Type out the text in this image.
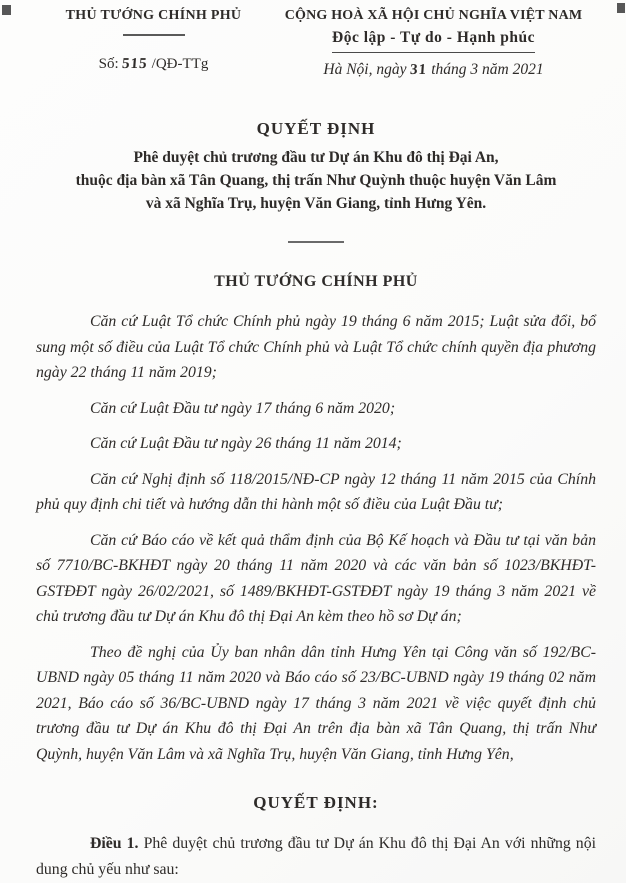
THỦ TƯỚNG CHÍNH PHỦ
Số: 515 /QĐ-TTg
CỘNG HOÀ XÃ HỘI CHỦ NGHĨA VIỆT NAM
Độc lập - Tự do - Hạnh phúc
Hà Nội, ngày 31 tháng 3 năm 2021
QUYẾT ĐỊNH
Phê duyệt chủ trương đầu tư Dự án Khu đô thị Đại An,
thuộc địa bàn xã Tân Quang, thị trấn Như Quỳnh thuộc huyện Văn Lâm
và xã Nghĩa Trụ, huyện Văn Giang, tỉnh Hưng Yên.
THỦ TƯỚNG CHÍNH PHỦ

Căn cứ Luật Tổ chức Chính phủ ngày 19 tháng 6 năm 2015; Luật sửa đổi, bổ sung một số điều của Luật Tổ chức Chính phủ và Luật Tổ chức chính quyền địa phương ngày 22 tháng 11 năm 2019;

Căn cứ Luật Đầu tư ngày 17 tháng 6 năm 2020;

Căn cứ Luật Đầu tư ngày 26 tháng 11 năm 2014;

Căn cứ Nghị định số 118/2015/NĐ-CP ngày 12 tháng 11 năm 2015 của Chính phủ quy định chi tiết và hướng dẫn thi hành một số điều của Luật Đầu tư;

Căn cứ Báo cáo về kết quả thẩm định của Bộ Kế hoạch và Đầu tư tại văn bản số 7710/BC-BKHĐT ngày 20 tháng 11 năm 2020 và các văn bản số 1023/BKHĐT-GSTĐĐT ngày 26/02/2021, số 1489/BKHĐT-GSTĐĐT ngày 19 tháng 3 năm 2021 về chủ trương đầu tư Dự án Khu đô thị Đại An kèm theo hồ sơ Dự án;

Theo đề nghị của Ủy ban nhân dân tỉnh Hưng Yên tại Công văn số 192/BC-UBND ngày 05 tháng 11 năm 2020 và Báo cáo số 23/BC-UBND ngày 19 tháng 02 năm 2021, Báo cáo số 36/BC-UBND ngày 17 tháng 3 năm 2021 về việc quyết định chủ trương đầu tư Dự án Khu đô thị Đại An trên địa bàn xã Tân Quang, thị trấn Như Quỳnh, huyện Văn Lâm và xã Nghĩa Trụ, huyện Văn Giang, tỉnh Hưng Yên,

QUYẾT ĐỊNH:

Điều 1. Phê duyệt chủ trương đầu tư Dự án Khu đô thị Đại An với những nội dung chủ yếu như sau:
